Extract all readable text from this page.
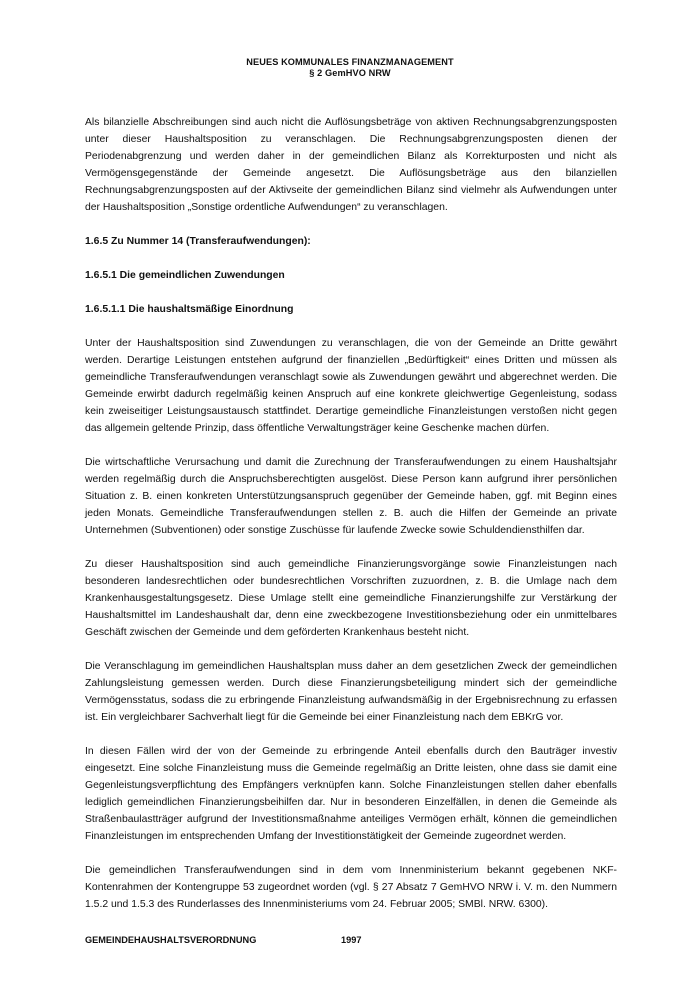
NEUES KOMMUNALES FINANZMANAGEMENT
§ 2 GemHVO NRW

Als bilanzielle Abschreibungen sind auch nicht die Auflösungsbeträge von aktiven Rechnungsabgrenzungsposten unter dieser Haushaltsposition zu veranschlagen. Die Rechnungsabgrenzungsposten dienen der Periodenabgrenzung und werden daher in der gemeindlichen Bilanz als Korrekturposten und nicht als Vermögensgegenstände der Gemeinde angesetzt. Die Auflösungsbeträge aus den bilanziellen Rechnungsabgrenzungsposten auf der Aktivseite der gemeindlichen Bilanz sind vielmehr als Aufwendungen unter der Haushaltsposition „Sonstige ordentliche Aufwendungen“ zu veranschlagen.

1.6.5 Zu Nummer 14 (Transferaufwendungen):
1.6.5.1 Die gemeindlichen Zuwendungen
1.6.5.1.1 Die haushaltsmäßige Einordnung

Unter der Haushaltsposition sind Zuwendungen zu veranschlagen, die von der Gemeinde an Dritte gewährt werden. Derartige Leistungen entstehen aufgrund der finanziellen „Bedürftigkeit“ eines Dritten und müssen als gemeindliche Transferaufwendungen veranschlagt sowie als Zuwendungen gewährt und abgerechnet werden. Die Gemeinde erwirbt dadurch regelmäßig keinen Anspruch auf eine konkrete gleichwertige Gegenleistung, sodass kein zweiseitiger Leistungsaustausch stattfindet. Derartige gemeindliche Finanzleistungen verstoßen nicht gegen das allgemein geltende Prinzip, dass öffentliche Verwaltungsträger keine Geschenke machen dürfen.

Die wirtschaftliche Verursachung und damit die Zurechnung der Transferaufwendungen zu einem Haushaltsjahr werden regelmäßig durch die Anspruchsberechtigten ausgelöst. Diese Person kann aufgrund ihrer persönlichen Situation z. B. einen konkreten Unterstützungsanspruch gegenüber der Gemeinde haben, ggf. mit Beginn eines jeden Monats. Gemeindliche Transferaufwendungen stellen z. B. auch die Hilfen der Gemeinde an private Unternehmen (Subventionen) oder sonstige Zuschüsse für laufende Zwecke sowie Schuldendiensthilfen dar.

Zu dieser Haushaltsposition sind auch gemeindliche Finanzierungsvorgänge sowie Finanzleistungen nach besonderen landesrechtlichen oder bundesrechtlichen Vorschriften zuzuordnen, z. B. die Umlage nach dem Krankenhausgestaltungsgesetz. Diese Umlage stellt eine gemeindliche Finanzierungshilfe zur Verstärkung der Haushaltsmittel im Landeshaushalt dar, denn eine zweckbezogene Investitionsbeziehung oder ein unmittelbares Geschäft zwischen der Gemeinde und dem geförderten Krankenhaus besteht nicht.

Die Veranschlagung im gemeindlichen Haushaltsplan muss daher an dem gesetzlichen Zweck der gemeindlichen Zahlungsleistung gemessen werden. Durch diese Finanzierungsbeteiligung mindert sich der gemeindliche Vermögensstatus, sodass die zu erbringende Finanzleistung aufwandsmäßig in der Ergebnisrechnung zu erfassen ist. Ein vergleichbarer Sachverhalt liegt für die Gemeinde bei einer Finanzleistung nach dem EBKrG vor.

In diesen Fällen wird der von der Gemeinde zu erbringende Anteil ebenfalls durch den Bauträger investiv eingesetzt. Eine solche Finanzleistung muss die Gemeinde regelmäßig an Dritte leisten, ohne dass sie damit eine Gegenleistungsverpflichtung des Empfängers verknüpfen kann. Solche Finanzleistungen stellen daher ebenfalls lediglich gemeindlichen Finanzierungsbeihilfen dar. Nur in besonderen Einzelfällen, in denen die Gemeinde als Straßenbaulastträger aufgrund der Investitionsmaßnahme anteiliges Vermögen erhält, können die gemeindlichen Finanzleistungen im entsprechenden Umfang der Investitionstätigkeit der Gemeinde zugeordnet werden.

Die gemeindlichen Transferaufwendungen sind in dem vom Innenministerium bekannt gegebenen NKF-Kontenrahmen der Kontengruppe 53 zugeordnet worden (vgl. § 27 Absatz 7 GemHVO NRW i. V. m. den Nummern 1.5.2 und 1.5.3 des Runderlasses des Innenministeriums vom 24. Februar 2005; SMBl. NRW. 6300).

GEMEINDEHAUSHALTSVERORDNUNG	1997
